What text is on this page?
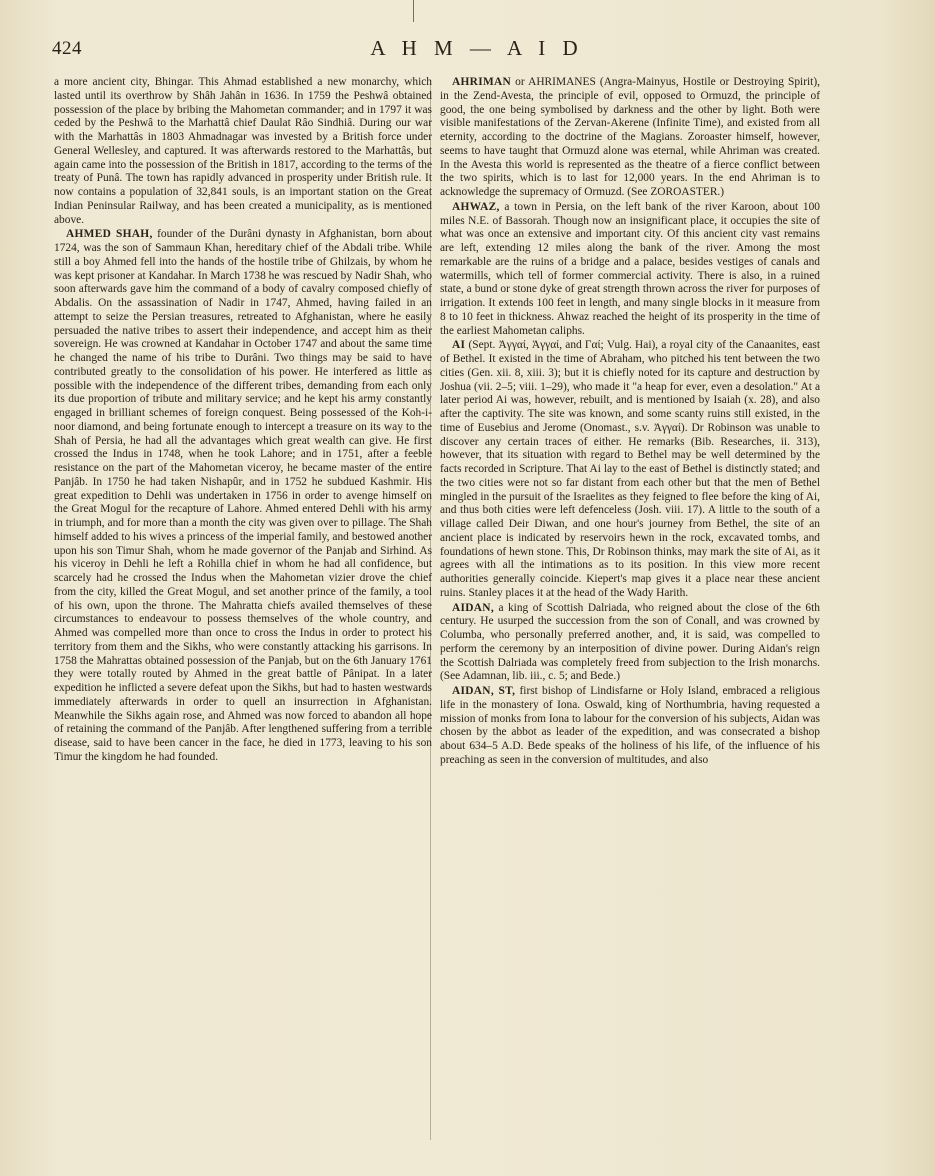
424	A H M — A I D

a more ancient city, Bhingar. This Ahmad established a new monarchy, which lasted until its overthrow by Shâh Jahân in 1636. In 1759 the Peshwâ obtained possession of the place by bribing the Mahometan commander; and in 1797 it was ceded by the Peshwâ to the Marhattâ chief Daulat Râo Sindhiâ. During our war with the Marhattâs in 1803 Ahmadnagar was invested by a British force under General Wellesley, and captured. It was afterwards restored to the Marhattâs, but again came into the possession of the British in 1817, according to the terms of the treaty of Punâ. The town has rapidly advanced in prosperity under British rule. It now contains a population of 32,841 souls, is an important station on the Great Indian Peninsular Railway, and has been created a municipality, as is mentioned above.

AHMED SHAH, founder of the Durâni dynasty in Afghanistan, born about 1724, was the son of Sammaun Khan, hereditary chief of the Abdali tribe. While still a boy Ahmed fell into the hands of the hostile tribe of Ghilzais, by whom he was kept prisoner at Kandahar. In March 1738 he was rescued by Nadir Shah, who soon afterwards gave him the command of a body of cavalry composed chiefly of Abdalis. On the assassination of Nadir in 1747, Ahmed, having failed in an attempt to seize the Persian treasures, retreated to Afghanistan, where he easily persuaded the native tribes to assert their independence, and accept him as their sovereign. He was crowned at Kandahar in October 1747 and about the same time he changed the name of his tribe to Durâni. Two things may be said to have contributed greatly to the consolidation of his power. He interfered as little as possible with the independence of the different tribes, demanding from each only its due proportion of tribute and military service; and he kept his army constantly engaged in brilliant schemes of foreign conquest. Being possessed of the Koh-i-noor diamond, and being fortunate enough to intercept a treasure on its way to the Shah of Persia, he had all the advantages which great wealth can give. He first crossed the Indus in 1748, when he took Lahore; and in 1751, after a feeble resistance on the part of the Mahometan viceroy, he became master of the entire Panjâb. In 1750 he had taken Nishapûr, and in 1752 he subdued Kashmir. His great expedition to Dehli was undertaken in 1756 in order to avenge himself on the Great Mogul for the recapture of Lahore. Ahmed entered Dehli with his army in triumph, and for more than a month the city was given over to pillage. The Shah himself added to his wives a princess of the imperial family, and bestowed another upon his son Timur Shah, whom he made governor of the Panjab and Sirhind. As his viceroy in Dehli he left a Rohilla chief in whom he had all confidence, but scarcely had he crossed the Indus when the Mahometan vizier drove the chief from the city, killed the Great Mogul, and set another prince of the family, a tool of his own, upon the throne. The Mahratta chiefs availed themselves of these circumstances to endeavour to possess themselves of the whole country, and Ahmed was compelled more than once to cross the Indus in order to protect his territory from them and the Sikhs, who were constantly attacking his garrisons. In 1758 the Mahrattas obtained possession of the Panjab, but on the 6th January 1761 they were totally routed by Ahmed in the great battle of Pânipat. In a later expedition he inflicted a severe defeat upon the Sikhs, but had to hasten westwards immediately afterwards in order to quell an insurrection in Afghanistan. Meanwhile the Sikhs again rose, and Ahmed was now forced to abandon all hope of retaining the command of the Panjâb. After lengthened suffering from a terrible disease, said to have been cancer in the face, he died in 1773, leaving to his son Timur the kingdom he had founded.

AHRIMAN or AHRIMANES (Angra-Mainyus, Hostile or Destroying Spirit), in the Zend-Avesta, the principle of evil, opposed to Ormuzd, the principle of good, the one being symbolised by darkness and the other by light. Both were visible manifestations of the Zervan-Akerene (Infinite Time), and existed from all eternity, according to the doctrine of the Magians. Zoroaster himself, however, seems to have taught that Ormuzd alone was eternal, while Ahriman was created. In the Avesta this world is represented as the theatre of a fierce conflict between the two spirits, which is to last for 12,000 years. In the end Ahriman is to acknowledge the supremacy of Ormuzd. (See ZOROASTER.)

AHWAZ, a town in Persia, on the left bank of the river Karoon, about 100 miles N.E. of Bassorah. Though now an insignificant place, it occupies the site of what was once an extensive and important city. Of this ancient city vast remains are left, extending 12 miles along the bank of the river. Among the most remarkable are the ruins of a bridge and a palace, besides vestiges of canals and watermills, which tell of former commercial activity. There is also, in a ruined state, a bund or stone dyke of great strength thrown across the river for purposes of irrigation. It extends 100 feet in length, and many single blocks in it measure from 8 to 10 feet in thickness. Ahwaz reached the height of its prosperity in the time of the earliest Mahometan caliphs.

AI (Sept. Ἀγγαί, Ἀγγαί, and Γαί; Vulg. Hai), a royal city of the Canaanites, east of Bethel. It existed in the time of Abraham, who pitched his tent between the two cities (Gen. xii. 8, xiii. 3); but it is chiefly noted for its capture and destruction by Joshua (vii. 2–5; viii. 1–29), who made it "a heap for ever, even a desolation." At a later period Ai was, however, rebuilt, and is mentioned by Isaiah (x. 28), and also after the captivity. The site was known, and some scanty ruins still existed, in the time of Eusebius and Jerome (Onomast., s.v. Ἀγγαί). Dr Robinson was unable to discover any certain traces of either. He remarks (Bib. Researches, ii. 313), however, that its situation with regard to Bethel may be well determined by the facts recorded in Scripture. That Ai lay to the east of Bethel is distinctly stated; and the two cities were not so far distant from each other but that the men of Bethel mingled in the pursuit of the Israelites as they feigned to flee before the king of Ai, and thus both cities were left defenceless (Josh. viii. 17). A little to the south of a village called Deir Diwan, and one hour's journey from Bethel, the site of an ancient place is indicated by reservoirs hewn in the rock, excavated tombs, and foundations of hewn stone. This, Dr Robinson thinks, may mark the site of Ai, as it agrees with all the intimations as to its position. In this view more recent authorities generally coincide. Kiepert's map gives it a place near these ancient ruins. Stanley places it at the head of the Wady Harith.

AIDAN, a king of Scottish Dalriada, who reigned about the close of the 6th century. He usurped the succession from the son of Conall, and was crowned by Columba, who personally preferred another, and, it is said, was compelled to perform the ceremony by an interposition of divine power. During Aidan's reign the Scottish Dalriada was completely freed from subjection to the Irish monarchs. (See Adamnan, lib. iii., c. 5; and Bede.)

AIDAN, ST, first bishop of Lindisfarne or Holy Island, embraced a religious life in the monastery of Iona. Oswald, king of Northumbria, having requested a mission of monks from Iona to labour for the conversion of his subjects, Aidan was chosen by the abbot as leader of the expedition, and was consecrated a bishop about 634–5 A.D. Bede speaks of the holiness of his life, of the influence of his preaching as seen in the conversion of multitudes, and also
